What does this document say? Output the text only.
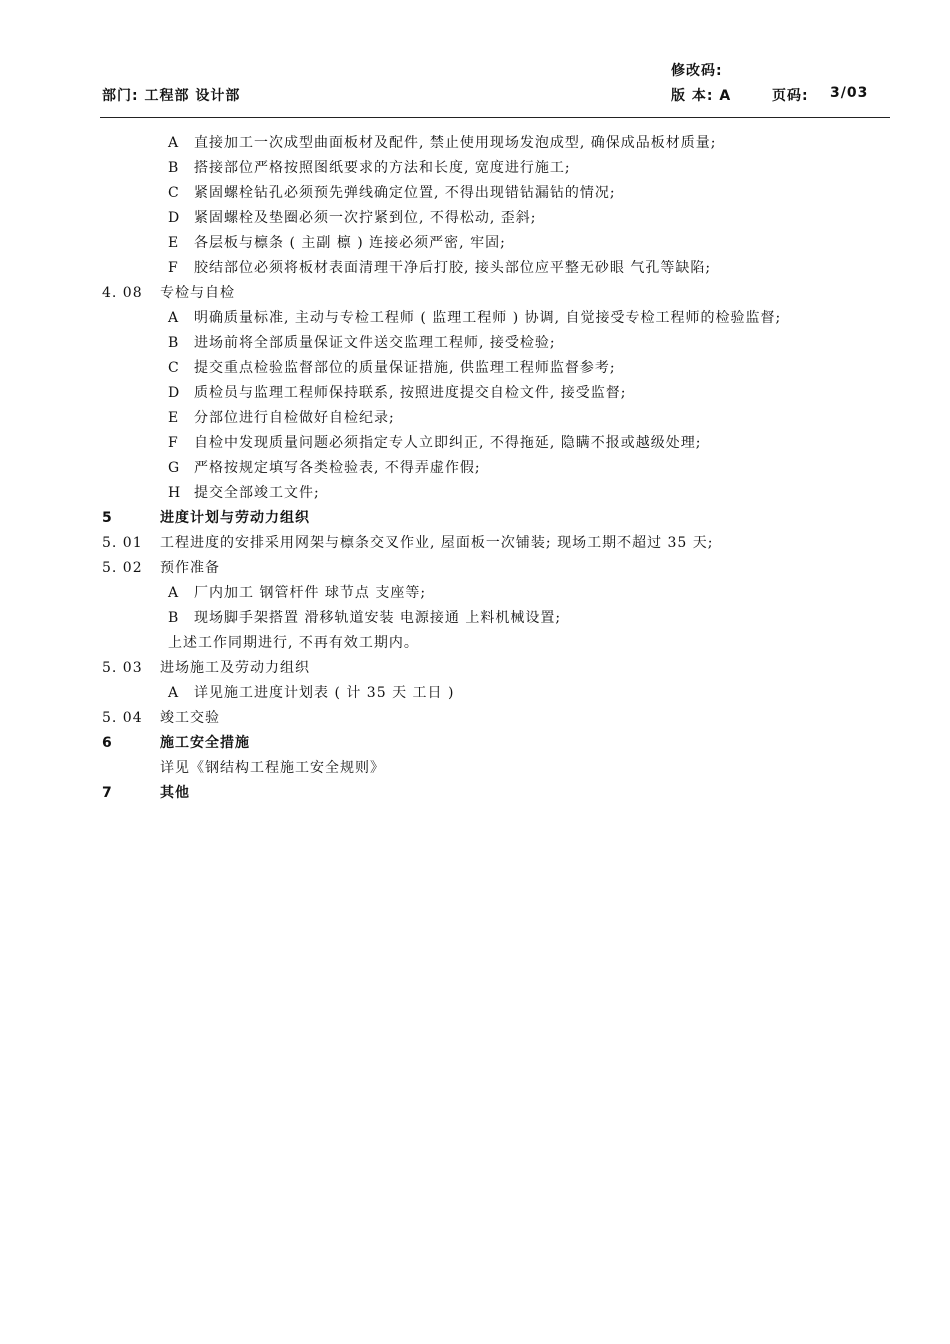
修改码:
部门: 工程部 设计部	版 本: A	页码: 3/03
A 直接加工一次成型曲面板材及配件, 禁止使用现场发泡成型, 确保成品板材质量;
B 搭接部位严格按照图纸要求的方法和长度, 宽度进行施工;
C 紧固螺栓钻孔必须预先弹线确定位置, 不得出现错钻漏钻的情况;
D 紧固螺栓及垫圈必须一次拧紧到位, 不得松动, 歪斜;
E 各层板与檩条 ( 主副 檩 ) 连接必须严密, 牢固;
F 胶结部位必须将板材表面清理干净后打胶, 接头部位应平整无砂眼 气孔等缺陷;
4. 08 专检与自检
A 明确质量标准, 主动与专检工程师 ( 监理工程师 ) 协调, 自觉接受专检工程师的检验监督;
B 进场前将全部质量保证文件送交监理工程师, 接受检验;
C 提交重点检验监督部位的质量保证措施, 供监理工程师监督参考;
D 质检员与监理工程师保持联系, 按照进度提交自检文件, 接受监督;
E 分部位进行自检做好自检纪录;
F 自检中发现质量问题必须指定专人立即纠正, 不得拖延, 隐瞒不报或越级处理;
G 严格按规定填写各类检验表, 不得弄虚作假;
H 提交全部竣工文件;
5	进度计划与劳动力组织
5. 01 工程进度的安排采用网架与檩条交叉作业, 屋面板一次铺装; 现场工期不超过 35 天;
5. 02 预作准备
A 厂内加工 钢管杆件 球节点 支座等;
B 现场脚手架搭置 滑移轨道安装 电源接通 上料机械设置;
上述工作同期进行, 不再有效工期内。
5. 03 进场施工及劳动力组织
A 详见施工进度计划表 ( 计 35 天 工日 )
5. 04 竣工交验
6	施工安全措施
详见《钢结构工程施工安全规则》
7	其他
